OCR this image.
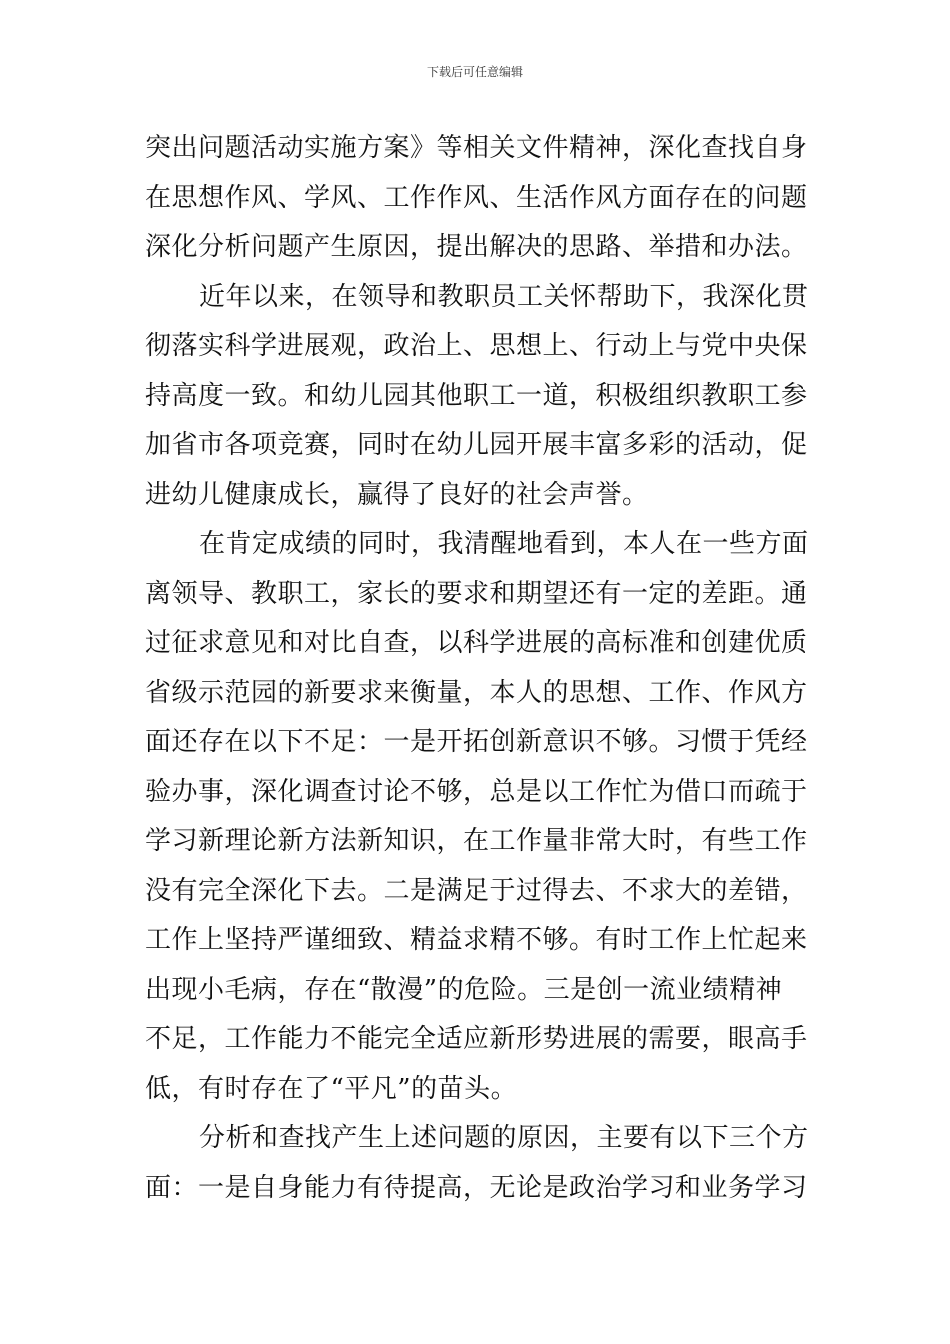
下载后可任意编辑
突出问题活动实施方案》等相关文件精神，深化查找自身
在思想作风、学风、工作作风、生活作风方面存在的问题
深化分析问题产生原因，提出解决的思路、举措和办法。
近年以来，在领导和教职员工关怀帮助下，我深化贯
彻落实科学进展观，政治上、思想上、行动上与党中央保
持高度一致。和幼儿园其他职工一道，积极组织教职工参
加省市各项竞赛，同时在幼儿园开展丰富多彩的活动，促
进幼儿健康成长，赢得了良好的社会声誉。
在肯定成绩的同时，我清醒地看到，本人在一些方面
离领导、教职工，家长的要求和期望还有一定的差距。通
过征求意见和对比自查，以科学进展的高标准和创建优质
省级示范园的新要求来衡量，本人的思想、工作、作风方
面还存在以下不足：一是开拓创新意识不够。习惯于凭经
验办事，深化调查讨论不够，总是以工作忙为借口而疏于
学习新理论新方法新知识，在工作量非常大时，有些工作
没有完全深化下去。二是满足于过得去、不求大的差错，
工作上坚持严谨细致、精益求精不够。有时工作上忙起来
出现小毛病，存在“散漫”的危险。三是创一流业绩精神
不足，工作能力不能完全适应新形势进展的需要，眼高手
低，有时存在了“平凡”的苗头。
分析和查找产生上述问题的原因，主要有以下三个方
面：一是自身能力有待提高，无论是政治学习和业务学习
